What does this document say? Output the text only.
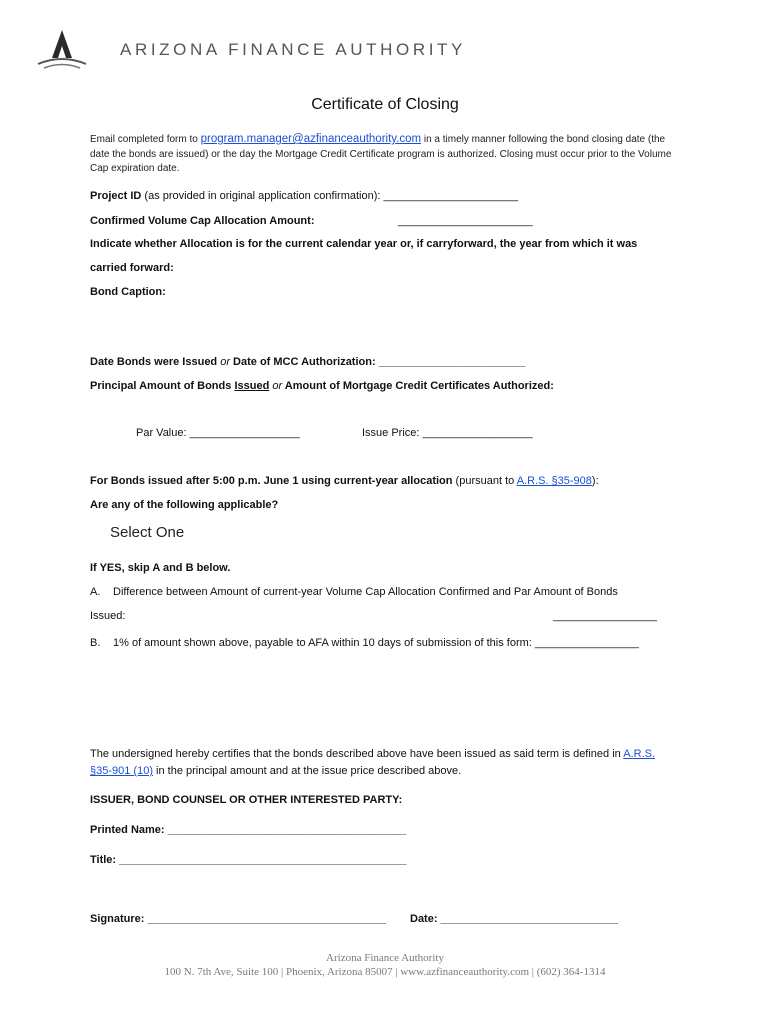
ARIZONA FINANCE AUTHORITY
Certificate of Closing
Email completed form to program.manager@azfinanceauthority.com in a timely manner following the bond closing date (the date the bonds are issued) or the day the Mortgage Credit Certificate program is authorized. Closing must occur prior to the Volume Cap expiration date.
Project ID (as provided in original application confirmation): ______________________
Confirmed Volume Cap Allocation Amount:	______________________
Indicate whether Allocation is for the current calendar year or, if carryforward, the year from which it was
carried forward:
Bond Caption:
Date Bonds were Issued or Date of MCC Authorization: ________________________
Principal Amount of Bonds Issued or Amount of Mortgage Credit Certificates Authorized:
Par Value: __________________	Issue Price: __________________
For Bonds issued after 5:00 p.m. June 1 using current-year allocation (pursuant to A.R.S. §35-908):
Are any of the following applicable?
Select One
If YES, skip A and B below.
A. Difference between Amount of current-year Volume Cap Allocation Confirmed and Par Amount of Bonds
Issued:	_________________
B. 1% of amount shown above, payable to AFA within 10 days of submission of this form: _________________
The undersigned hereby certifies that the bonds described above have been issued as said term is defined in A.R.S.
§35-901 (10) in the principal amount and at the issue price described above.
ISSUER, BOND COUNSEL OR OTHER INTERESTED PARTY:
Printed Name: _______________________________________
Title: _______________________________________________
Signature: _______________________________________ Date: _____________________________
Arizona Finance Authority
100 N. 7th Ave, Suite 100 | Phoenix, Arizona 85007 | www.azfinanceauthority.com | (602) 364-1314
